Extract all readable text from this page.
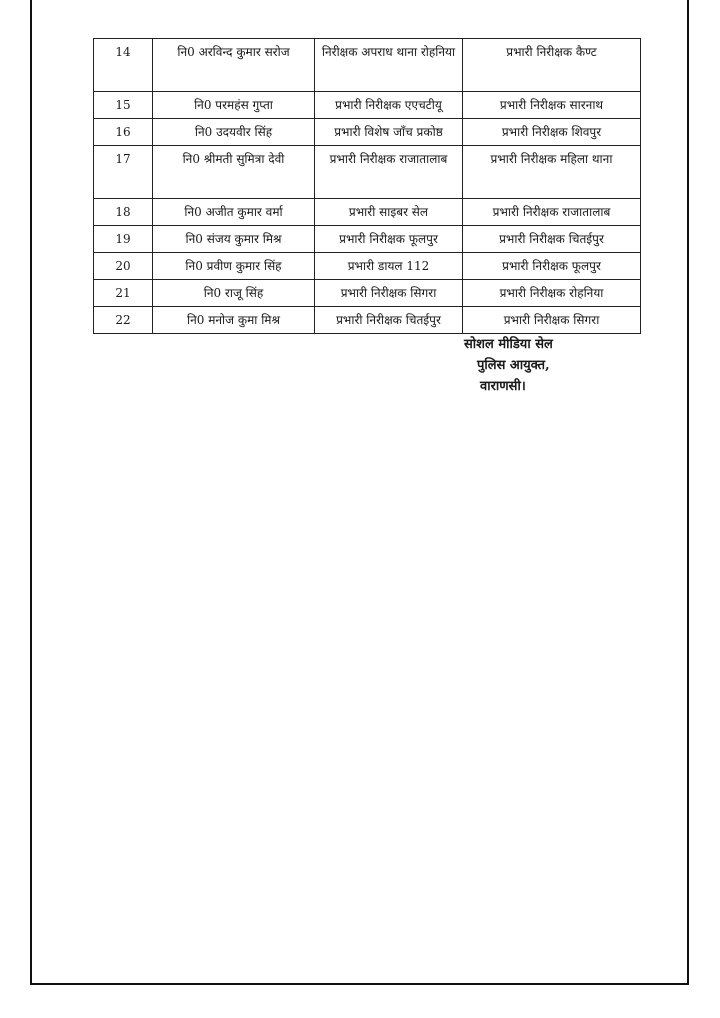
14	नि0 अरविन्द कुमार सरोज	निरीक्षक अपराध थाना रोहनिया	प्रभारी निरीक्षक कैण्ट
15	नि0 परमहंस गुप्ता	प्रभारी निरीक्षक एएचटीयू	प्रभारी निरीक्षक सारनाथ
16	नि0 उदयवीर सिंह	प्रभारी विशेष जाँच प्रकोष्ठ	प्रभारी निरीक्षक शिवपुर
17	नि0 श्रीमती सुमित्रा देवी	प्रभारी निरीक्षक राजातालाब	प्रभारी निरीक्षक महिला थाना
18	नि0 अजीत कुमार वर्मा	प्रभारी साइबर सेल	प्रभारी निरीक्षक राजातालाब
19	नि0 संजय कुमार मिश्र	प्रभारी निरीक्षक फूलपुर	प्रभारी निरीक्षक चितईपुर
20	नि0 प्रवीण कुमार सिंह	प्रभारी डायल 112	प्रभारी निरीक्षक फूलपुर
21	नि0 राजू सिंह	प्रभारी निरीक्षक सिगरा	प्रभारी निरीक्षक रोहनिया
22	नि0 मनोज कुमा मिश्र	प्रभारी निरीक्षक चितईपुर	प्रभारी निरीक्षक सिगरा
सोशल मीडिया सेल
पुलिस आयुक्त,
वाराणसी।
